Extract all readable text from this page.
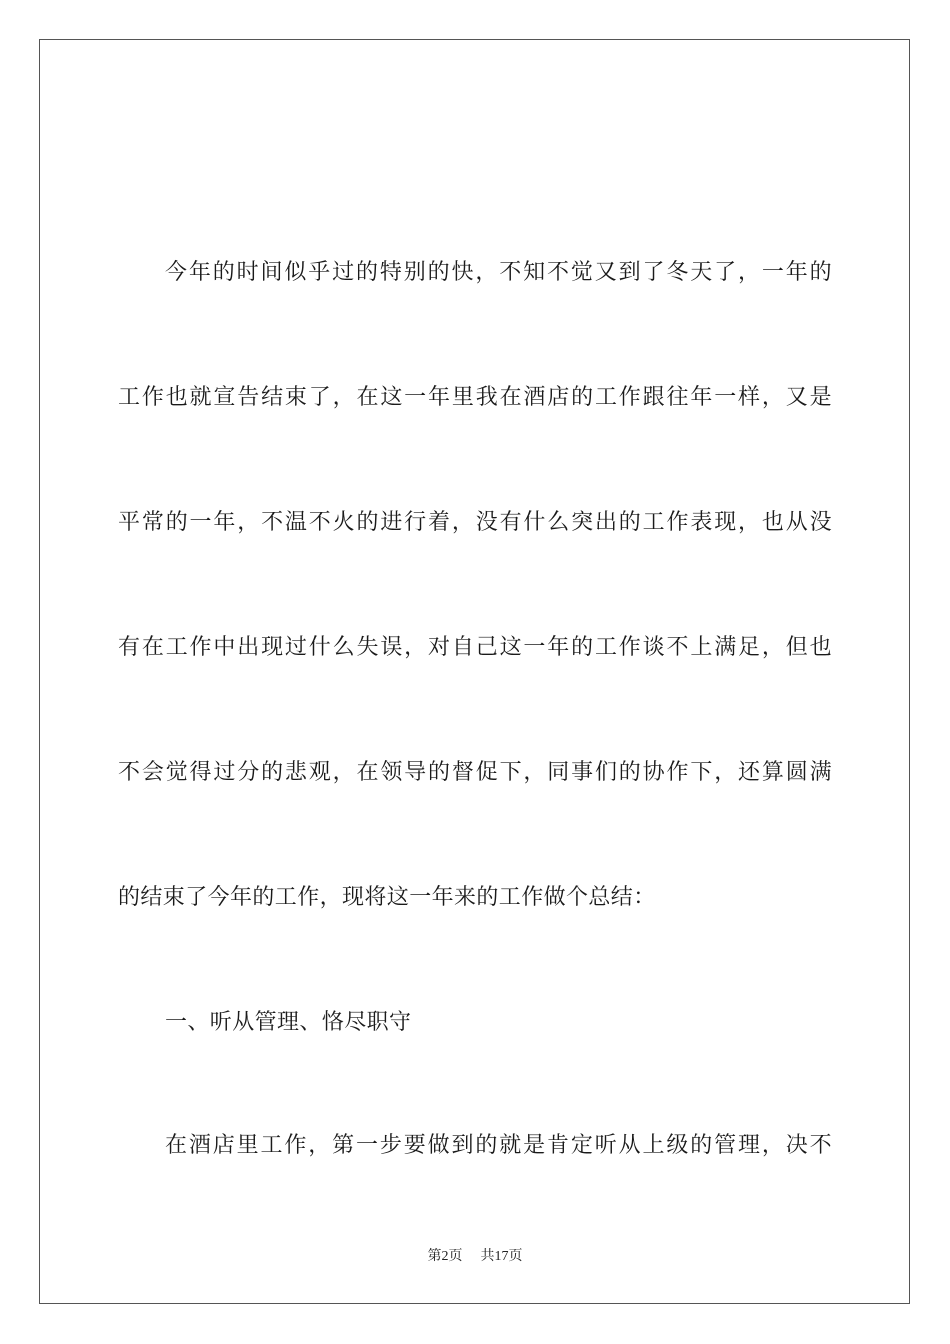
今年的时间似乎过的特别的快，不知不觉又到了冬天了，一年的
工作也就宣告结束了，在这一年里我在酒店的工作跟往年一样，又是
平常的一年，不温不火的进行着，没有什么突出的工作表现，也从没
有在工作中出现过什么失误，对自己这一年的工作谈不上满足，但也
不会觉得过分的悲观，在领导的督促下，同事们的协作下，还算圆满
的结束了今年的工作，现将这一年来的工作做个总结：
一、听从管理、恪尽职守
在酒店里工作，第一步要做到的就是肯定听从上级的管理，决不
第2页 共17页
